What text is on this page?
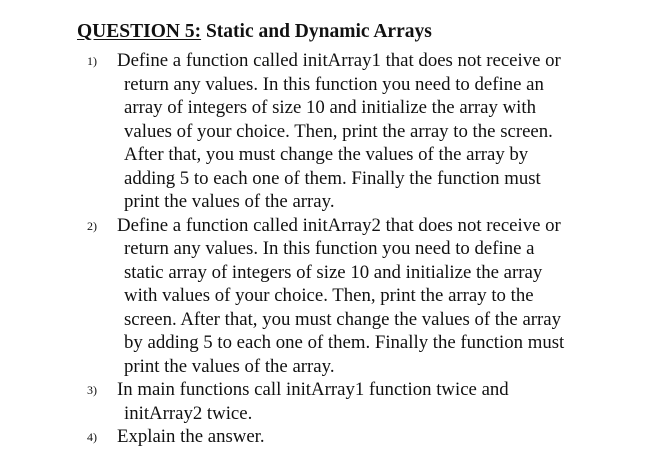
QUESTION 5: Static and Dynamic Arrays
1) Define a function called initArray1 that does not receive or
return any values. In this function you need to define an
array of integers of size 10 and initialize the array with
values of your choice. Then, print the array to the screen.
After that, you must change the values of the array by
adding 5 to each one of them. Finally the function must
print the values of the array.
2) Define a function called initArray2 that does not receive or
return any values. In this function you need to define a
static array of integers of size 10 and initialize the array
with values of your choice. Then, print the array to the
screen. After that, you must change the values of the array
by adding 5 to each one of them. Finally the function must
print the values of the array.
3) In main functions call initArray1 function twice and
initArray2 twice.
4) Explain the answer.
